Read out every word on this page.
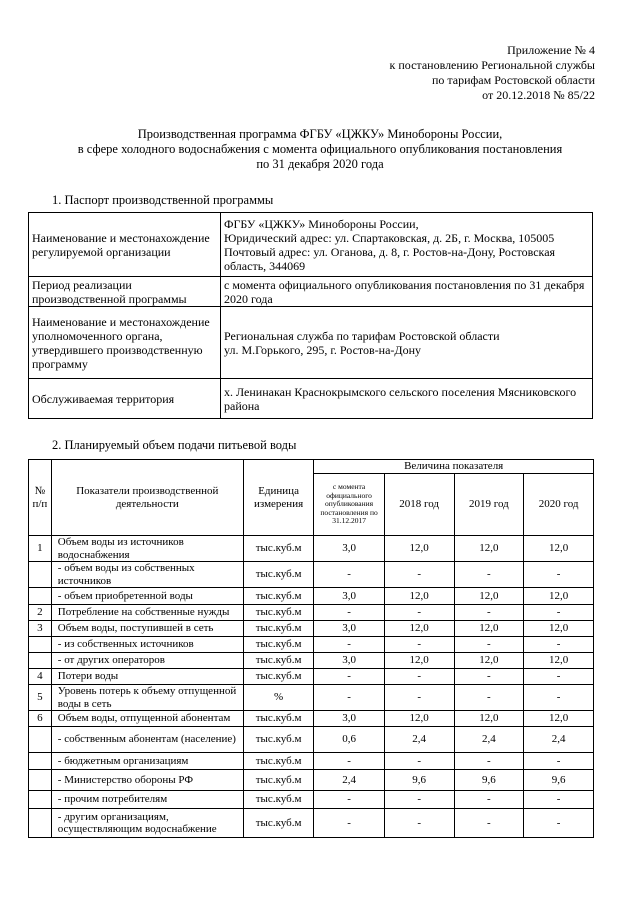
Приложение № 4
к постановлению Региональной службы
по тарифам Ростовской области
от 20.12.2018 № 85/22
Производственная программа ФГБУ «ЦЖКУ» Минобороны России,
в сфере холодного водоснабжения с момента официального опубликования постановления
по 31 декабря 2020 года
1. Паспорт производственной программы
Наименование и местонахождение регулируемой организации	ФГБУ «ЦЖКУ» Минобороны России,
Юридический адрес: ул. Спартаковская, д. 2Б, г. Москва, 105005
Почтовый адрес: ул. Оганова, д. 8, г. Ростов-на-Дону, Ростовская область, 344069

Период реализации производственной программы	с момента официального опубликования постановления по 31 декабря 2020 года

Наименование и местонахождение уполномоченного органа, утвердившего производственную программу	Региональная служба по тарифам Ростовской области
ул. М.Горького, 295, г. Ростов-на-Дону

Обслуживаемая территория	х. Ленинакан Краснокрымского сельского поселения Мясниковского района
2. Планируемый объем подачи питьевой воды
№ п/п	Показатели производственной деятельности	Единица измерения	Величина показателя			
			с момента официального опубликования постановления по 31.12.2017	2018 год	2019 год	2020 год
1	Объем воды из источников водоснабжения	тыс.куб.м	3,0	12,0	12,0	12,0
	- объем воды из собственных источников	тыс.куб.м	-	-	-	-
	- объем приобретенной воды	тыс.куб.м	3,0	12,0	12,0	12,0
2	Потребление на собственные нужды	тыс.куб.м	-	-	-	-
3	Объем воды, поступившей в сеть	тыс.куб.м	3,0	12,0	12,0	12,0
	- из собственных источников	тыс.куб.м	-	-	-	-
	- от других операторов	тыс.куб.м	3,0	12,0	12,0	12,0
4	Потери воды	тыс.куб.м	-	-	-	-
5	Уровень потерь к объему отпущенной воды в сеть	%	-	-	-	-
6	Объем воды, отпущенной абонентам	тыс.куб.м	3,0	12,0	12,0	12,0
	- собственным абонентам (население)	тыс.куб.м	0,6	2,4	2,4	2,4
	- бюджетным организациям	тыс.куб.м	-	-	-	-
	- Министерство обороны РФ	тыс.куб.м	2,4	9,6	9,6	9,6
	- прочим потребителям	тыс.куб.м	-	-	-	-
	- другим организациям, осуществляющим водоснабжение	тыс.куб.м	-	-	-	-
